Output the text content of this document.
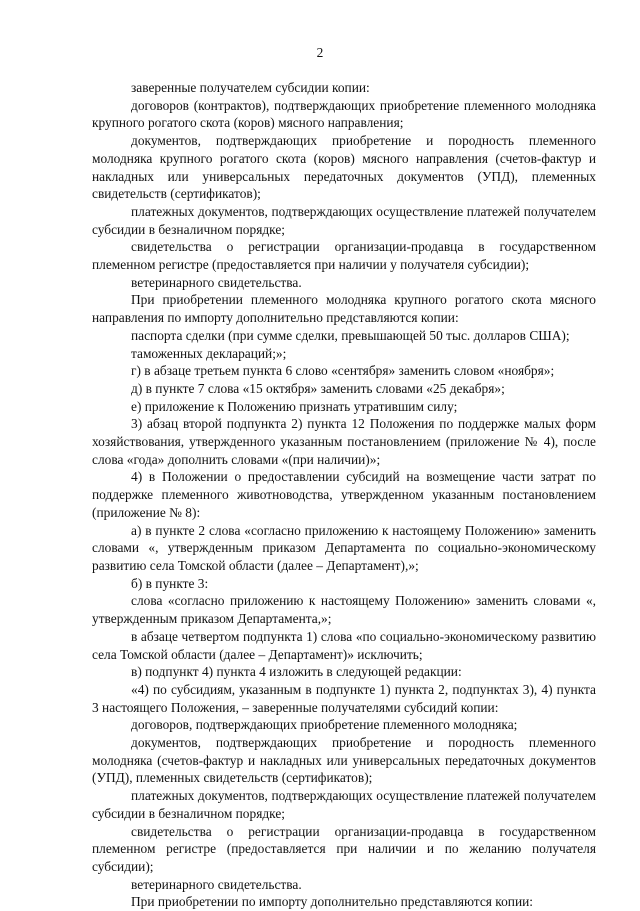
2

заверенные получателем субсидии копии:

договоров (контрактов), подтверждающих приобретение племенного молодняка крупного рогатого скота (коров) мясного направления;

документов, подтверждающих приобретение и породность племенного молодняка крупного рогатого скота (коров) мясного направления (счетов-фактур и накладных или универсальных передаточных документов (УПД), племенных свидетельств (сертификатов);

платежных документов, подтверждающих осуществление платежей получателем субсидии в безналичном порядке;

свидетельства о регистрации организации-продавца в государственном племенном регистре (предоставляется при наличии у получателя субсидии);

ветеринарного свидетельства.

При приобретении племенного молодняка крупного рогатого скота мясного направления по импорту дополнительно представляются копии:

паспорта сделки (при сумме сделки, превышающей 50 тыс. долларов США);

таможенных деклараций;»;

г) в абзаце третьем пункта 6 слово «сентября» заменить словом «ноября»;

д) в пункте 7 слова «15 октября» заменить словами «25 декабря»;

е) приложение к Положению признать утратившим силу;

3) абзац второй подпункта 2) пункта 12 Положения по поддержке малых форм хозяйствования, утвержденного указанным постановлением (приложение № 4), после слова «года» дополнить словами «(при наличии)»;

4) в Положении о предоставлении субсидий на возмещение части затрат по поддержке племенного животноводства, утвержденном указанным постановлением (приложение № 8):

а) в пункте 2 слова «согласно приложению к настоящему Положению» заменить словами «, утвержденным приказом Департамента по социально-экономическому развитию села Томской области (далее – Департамент),»;

б) в пункте 3:

слова «согласно приложению к настоящему Положению» заменить словами «, утвержденным приказом Департамента,»;

в абзаце четвертом подпункта 1) слова «по социально-экономическому развитию села Томской области (далее – Департамент)» исключить;

в) подпункт 4) пункта 4 изложить в следующей редакции:

«4) по субсидиям, указанным в подпункте 1) пункта 2, подпунктах 3), 4) пункта 3 настоящего Положения, – заверенные получателями субсидий копии:

договоров, подтверждающих приобретение племенного молодняка;

документов, подтверждающих приобретение и породность племенного молодняка (счетов-фактур и накладных или универсальных передаточных документов (УПД), племенных свидетельств (сертификатов);

платежных документов, подтверждающих осуществление платежей получателем субсидии в безналичном порядке;

свидетельства о регистрации организации-продавца в государственном племенном регистре (предоставляется при наличии и по желанию получателя субсидии);

ветеринарного свидетельства.

При приобретении по импорту дополнительно представляются копии:
